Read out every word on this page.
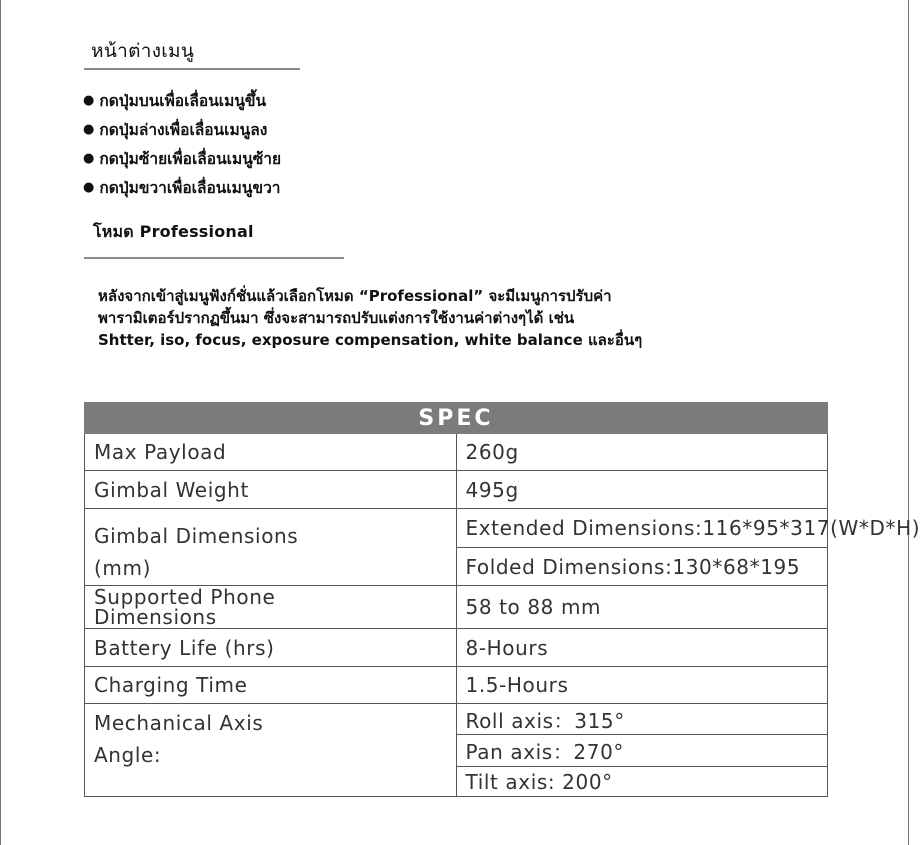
หน้าต่างเมนู
● กดปุ่มบนเพื่อเลื่อนเมนูขึ้น
● กดปุ่มล่างเพื่อเลื่อนเมนูลง
● กดปุ่มซ้ายเพื่อเลื่อนเมนูซ้าย
● กดปุ่มขวาเพื่อเลื่อนเมนูขวา
โหมด Professional
หลังจากเข้าสู่เมนูฟังก์ชั่นแล้วเลือกโหมด “Professional” จะมีเมนูการปรับค่า
พารามิเตอร์ปรากฏขึ้นมา ซึ่งจะสามารถปรับแต่งการใช้งานค่าต่างๆได้ เช่น
Shtter, iso, focus, exposure compensation, white balance และอื่นๆ
SPEC	
Max Payload	260g
Gimbal Weight	495g

Gimbal Dimensions
(mm)	Extended Dimensions:116*95*317(W*D*H)
	Folded Dimensions:130*68*195

Supported Phone
Dimensions	58 to 88 mm
Battery Life (hrs)	8-Hours
Charging Time	1.5-Hours

Mechanical Axis
Angle:	Roll axis：315°
	Pan axis：270°
	Tilt axis: 200°
